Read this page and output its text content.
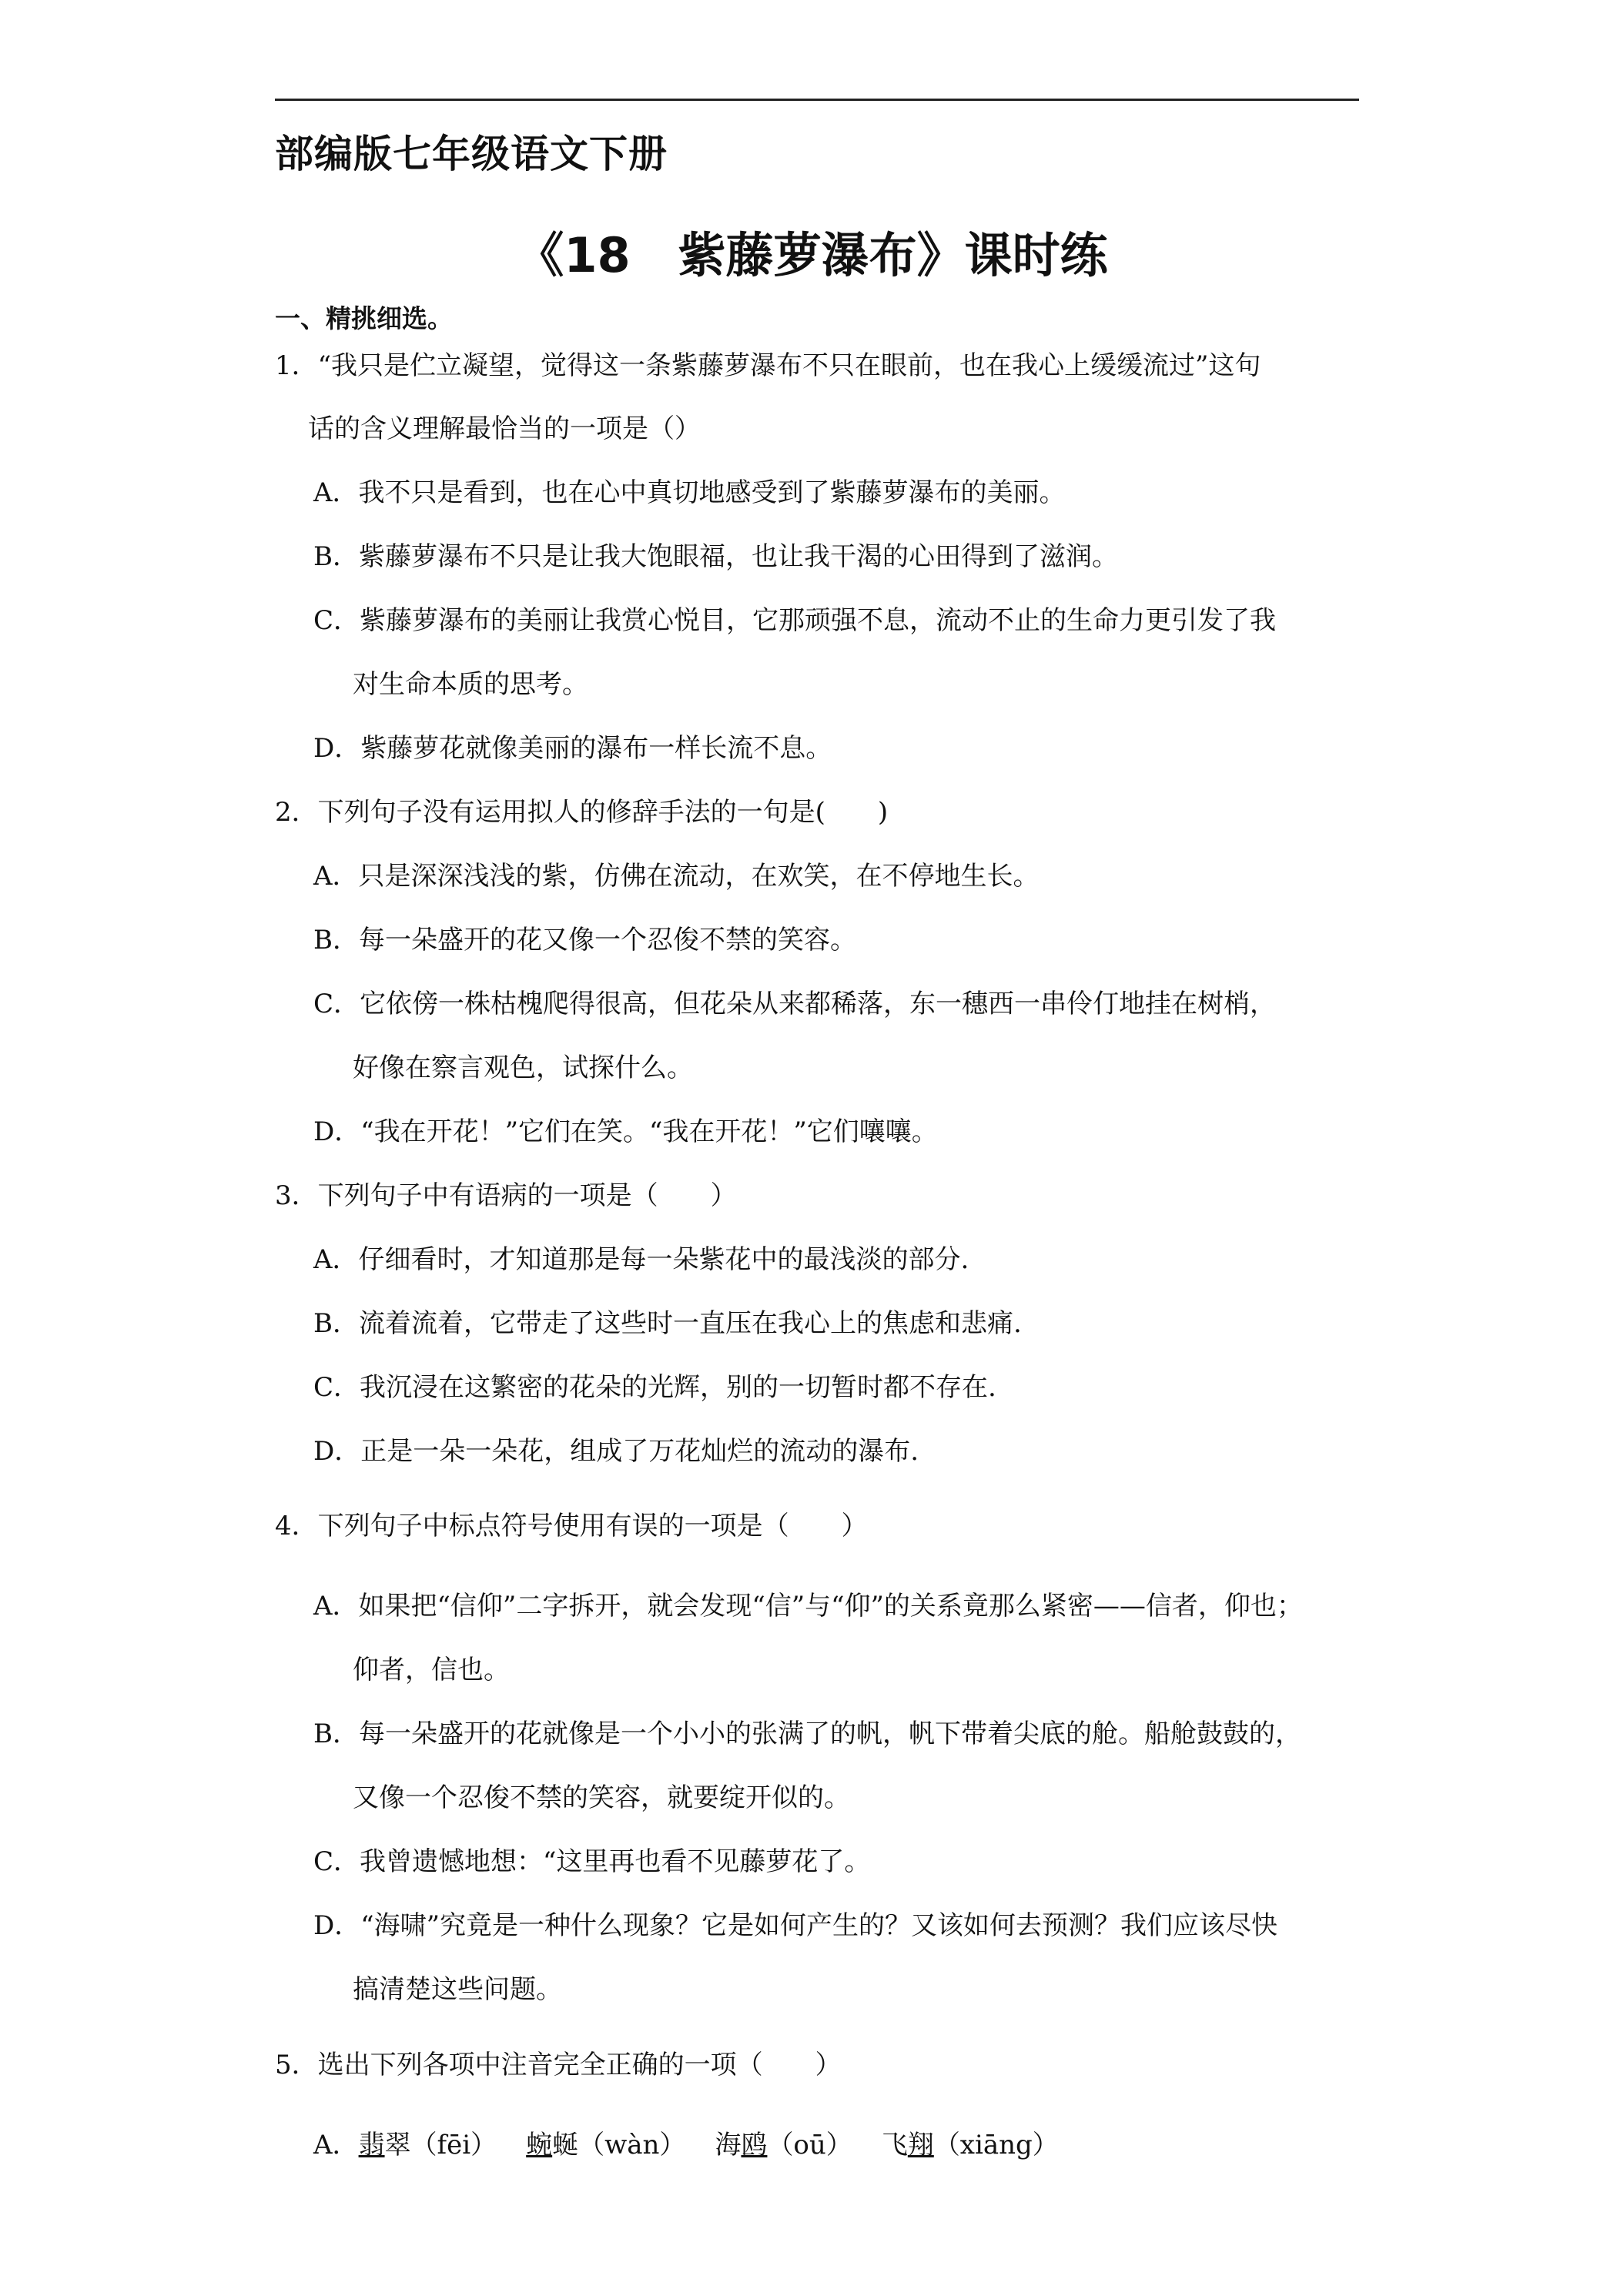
部编版七年级语文下册
《18　紫藤萝瀑布》课时练
一、精挑细选。
1．“我只是伫立凝望，觉得这一条紫藤萝瀑布不只在眼前，也在我心上缓缓流过”这句
话的含义理解最恰当的一项是（）
A．我不只是看到，也在心中真切地感受到了紫藤萝瀑布的美丽。
B．紫藤萝瀑布不只是让我大饱眼福，也让我干渴的心田得到了滋润。
C．紫藤萝瀑布的美丽让我赏心悦目，它那顽强不息，流动不止的生命力更引发了我
对生命本质的思考。
D．紫藤萝花就像美丽的瀑布一样长流不息。
2．下列句子没有运用拟人的修辞手法的一句是(　　)
A．只是深深浅浅的紫，仿佛在流动，在欢笑，在不停地生长。
B．每一朵盛开的花又像一个忍俊不禁的笑容。
C．它依傍一株枯槐爬得很高，但花朵从来都稀落，东一穗西一串伶仃地挂在树梢，
好像在察言观色，试探什么。
D．“我在开花！”它们在笑。“我在开花！”它们嚷嚷。
3．下列句子中有语病的一项是（　　）
A．仔细看时，才知道那是每一朵紫花中的最浅淡的部分.
B．流着流着，它带走了这些时一直压在我心上的焦虑和悲痛.
C．我沉浸在这繁密的花朵的光辉，别的一切暂时都不存在.
D．正是一朵一朵花，组成了万花灿烂的流动的瀑布.
4．下列句子中标点符号使用有误的一项是（　　）
A．如果把“信仰”二字拆开，就会发现“信”与“仰”的关系竟那么紧密——信者，仰也；
仰者，信也。
B．每一朵盛开的花就像是一个小小的张满了的帆，帆下带着尖底的舱。船舱鼓鼓的，
又像一个忍俊不禁的笑容，就要绽开似的。
C．我曾遗憾地想：“这里再也看不见藤萝花了。
D．“海啸”究竟是一种什么现象？它是如何产生的？又该如何去预测？我们应该尽快
搞清楚这些问题。
5．选出下列各项中注音完全正确的一项（　　）
A．翡翠（fēi） 蜿蜒（wàn） 海鸥（oū） 飞翔（xiāng）
